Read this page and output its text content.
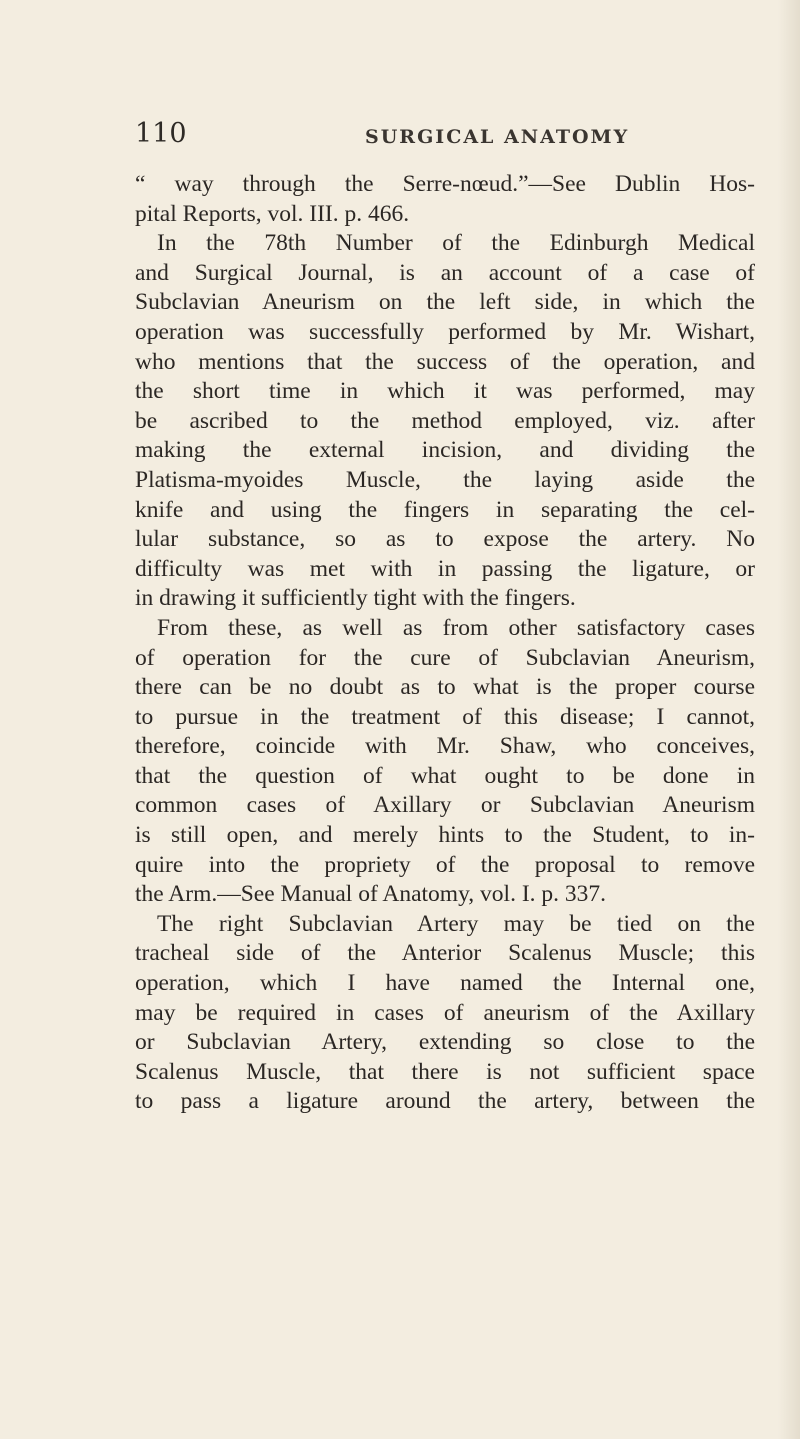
110	SURGICAL ANATOMY
“ way through the Serre-nœud.”—See Dublin Hos-
pital Reports, vol. III. p. 466.
In the 78th Number of the Edinburgh Medical
and Surgical Journal, is an account of a case of
Subclavian Aneurism on the left side, in which the
operation was successfully performed by Mr. Wishart,
who mentions that the success of the operation, and
the short time in which it was performed, may
be ascribed to the method employed, viz. after
making the external incision, and dividing the
Platisma-myoides Muscle, the laying aside the
knife and using the fingers in separating the cel-
lular substance, so as to expose the artery. No
difficulty was met with in passing the ligature, or
in drawing it sufficiently tight with the fingers.
From these, as well as from other satisfactory cases
of operation for the cure of Subclavian Aneurism,
there can be no doubt as to what is the proper course
to pursue in the treatment of this disease; I cannot,
therefore, coincide with Mr. Shaw, who conceives,
that the question of what ought to be done in
common cases of Axillary or Subclavian Aneurism
is still open, and merely hints to the Student, to in-
quire into the propriety of the proposal to remove
the Arm.—See Manual of Anatomy, vol. I. p. 337.
The right Subclavian Artery may be tied on the
tracheal side of the Anterior Scalenus Muscle; this
operation, which I have named the Internal one,
may be required in cases of aneurism of the Axillary
or Subclavian Artery, extending so close to the
Scalenus Muscle, that there is not sufficient space
to pass a ligature around the artery, between the
